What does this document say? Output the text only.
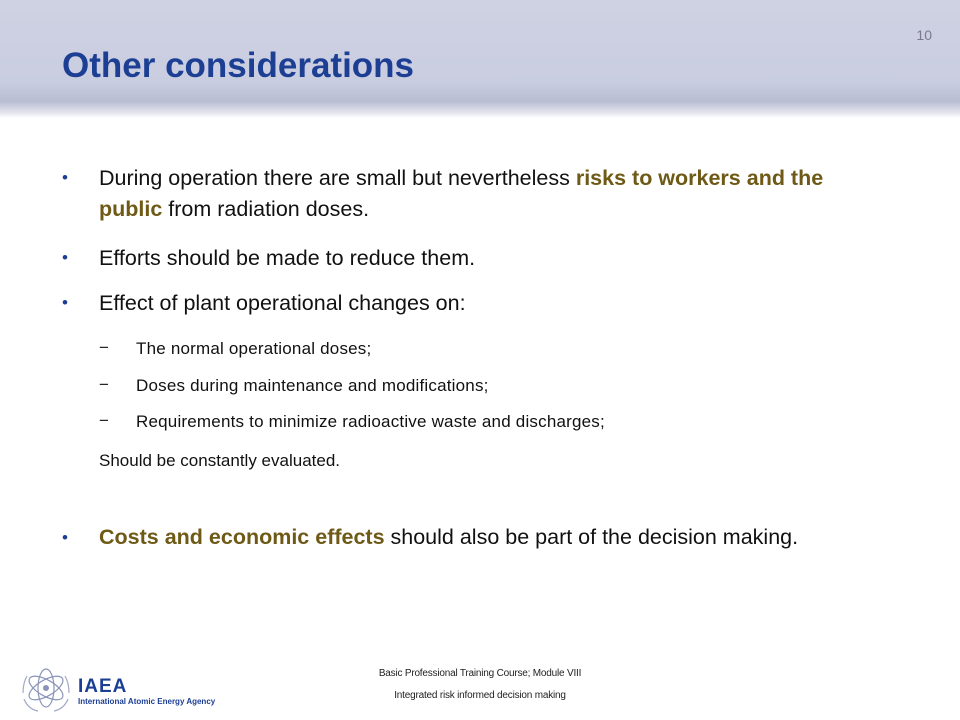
Other considerations
10
• During operation there are small but nevertheless risks to workers and the public from radiation doses.
• Efforts should be made to reduce them.
• Effect of plant operational changes on:
− The normal operational doses;
− Doses during maintenance and modifications;
− Requirements to minimize radioactive waste and discharges;
Should be constantly evaluated.
• Costs and economic effects should also be part of the decision making.
IAEA
International Atomic Energy Agency
Basic Professional Training Course; Module VIII
Integrated risk informed decision making
